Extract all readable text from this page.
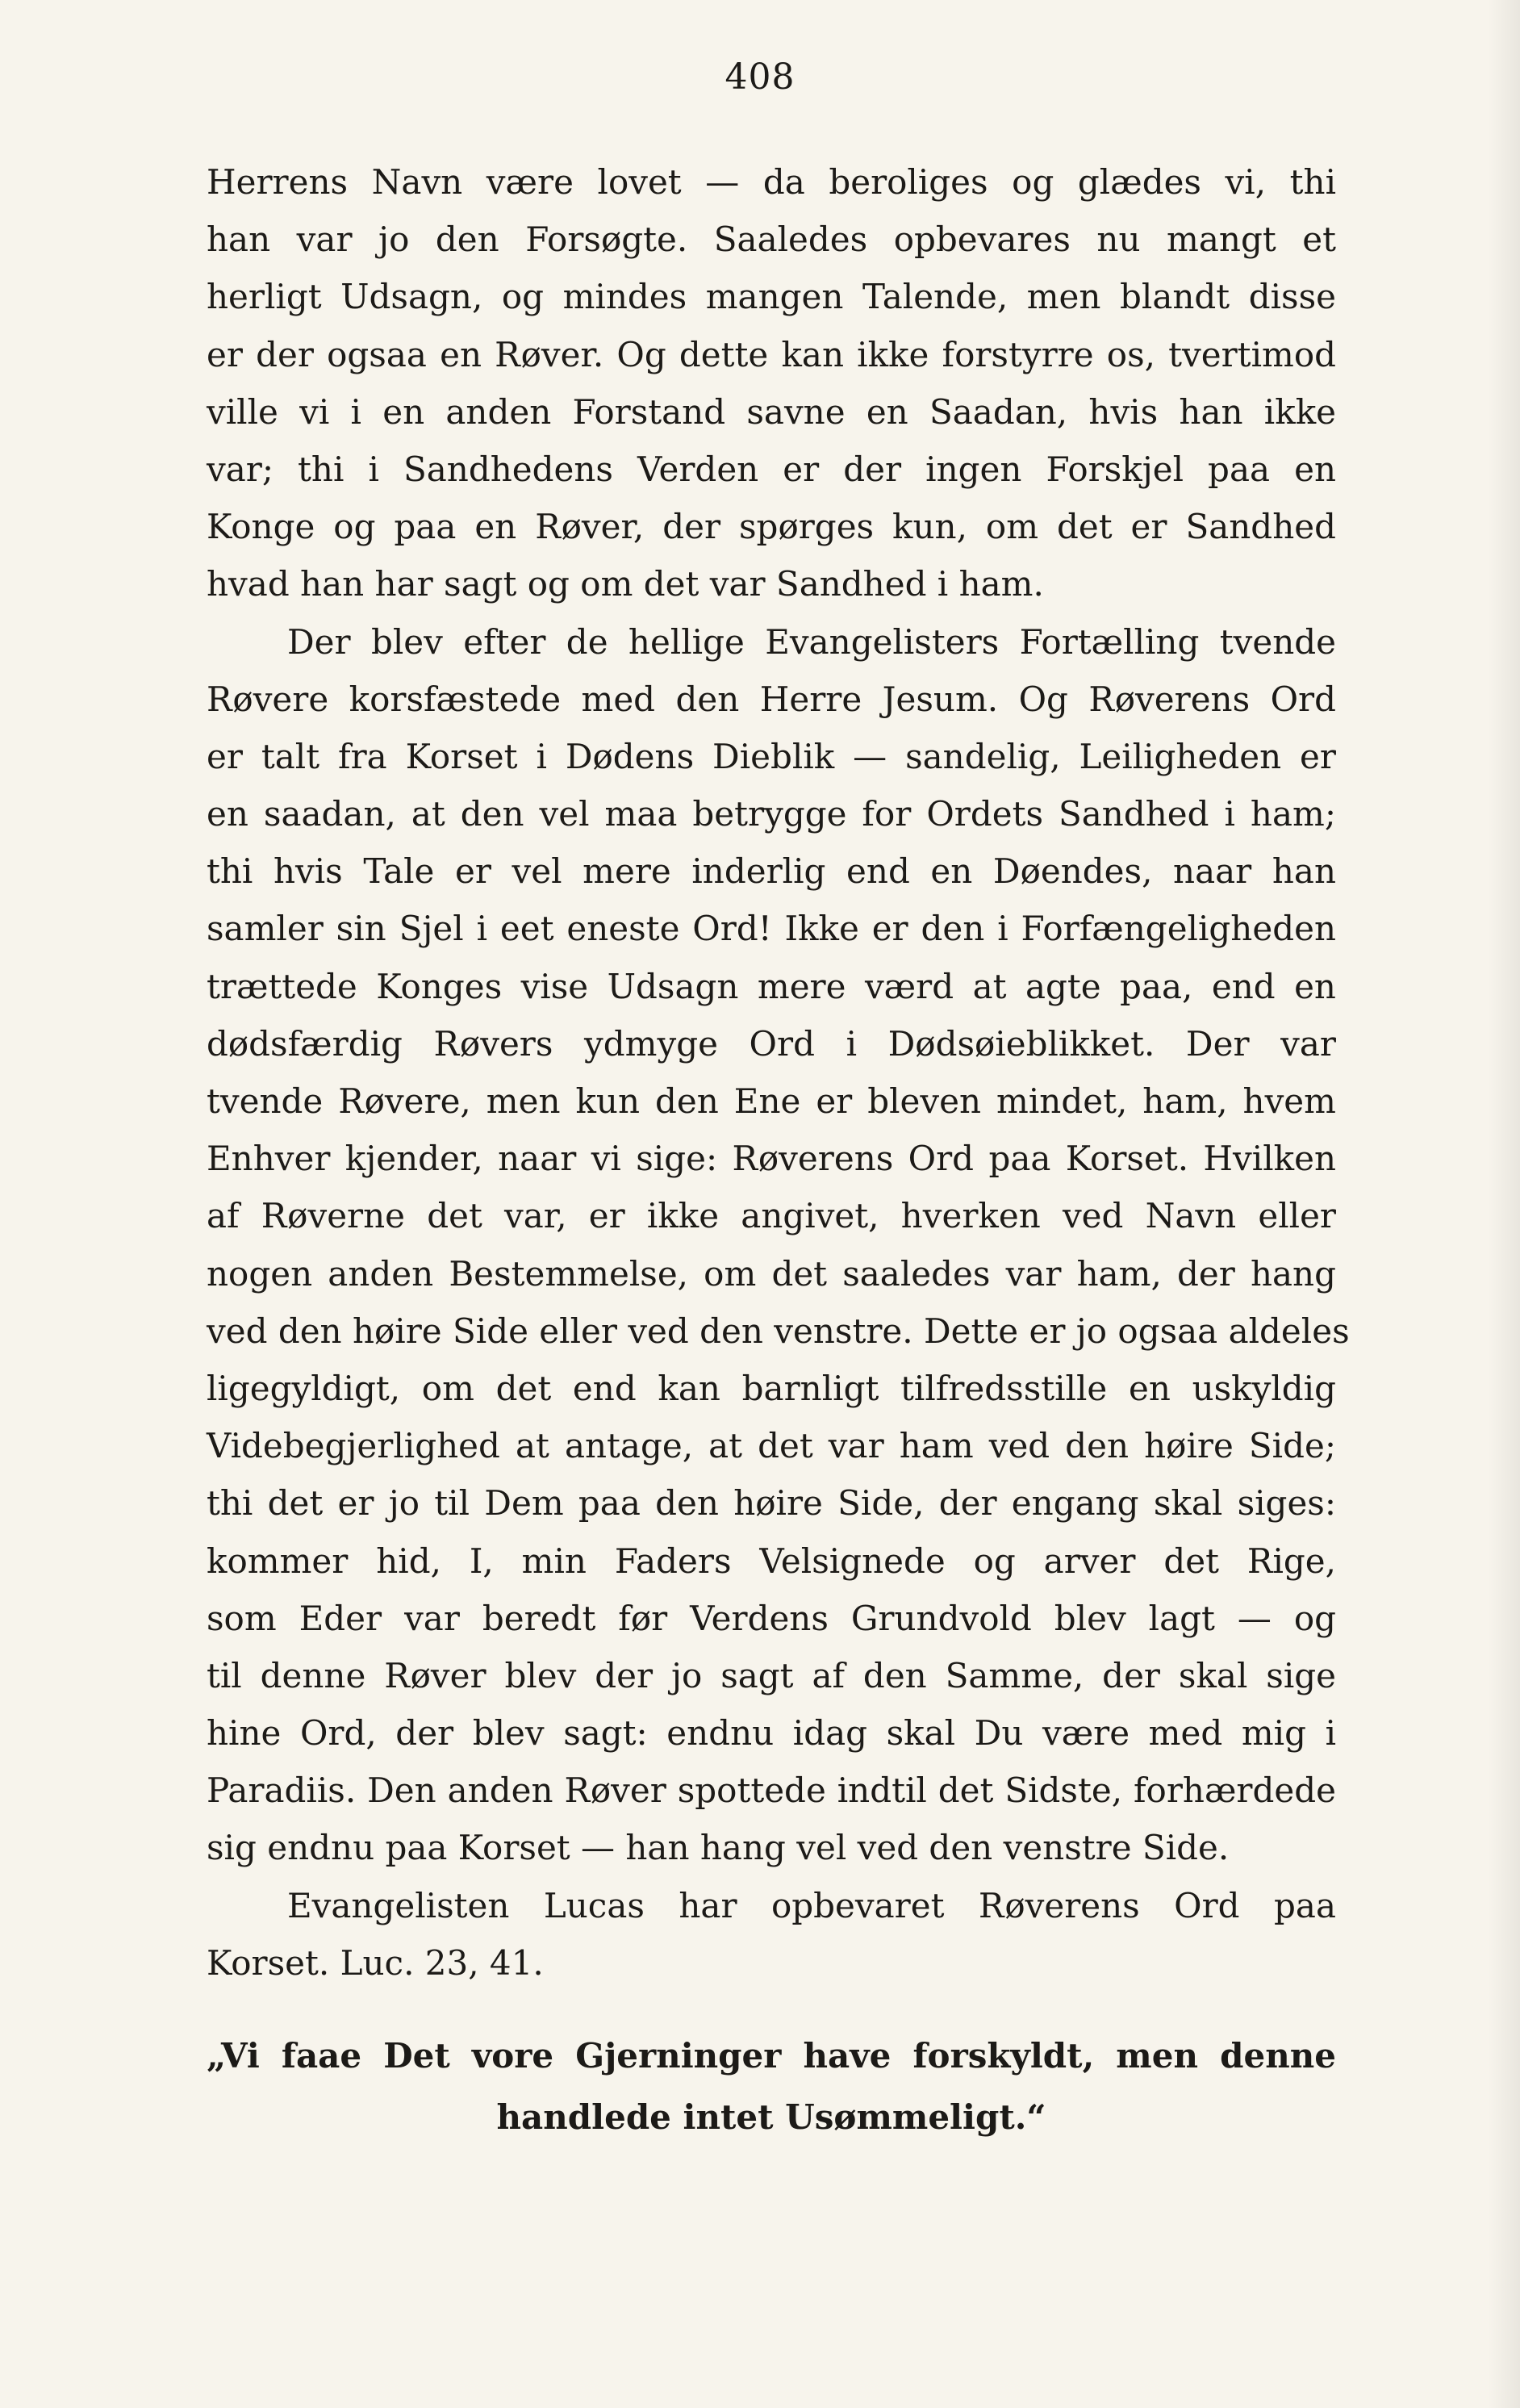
408
Herrens Navn være lovet — da beroliges og glædes vi, thi
han var jo den Forsøgte. Saaledes opbevares nu mangt et
herligt Udsagn, og mindes mangen Talende, men blandt disse
er der ogsaa en Røver. Og dette kan ikke forstyrre os, tvertimod
ville vi i en anden Forstand savne en Saadan, hvis han ikke
var; thi i Sandhedens Verden er der ingen Forskjel paa en
Konge og paa en Røver, der spørges kun, om det er Sandhed
hvad han har sagt og om det var Sandhed i ham.
Der blev efter de hellige Evangelisters Fortælling tvende
Røvere korsfæstede med den Herre Jesum. Og Røverens Ord
er talt fra Korset i Dødens Dieblik — sandelig, Leiligheden er
en saadan, at den vel maa betrygge for Ordets Sandhed i ham;
thi hvis Tale er vel mere inderlig end en Døendes, naar han
samler sin Sjel i eet eneste Ord! Ikke er den i Forfængeligheden
trættede Konges vise Udsagn mere værd at agte paa, end en
dødsfærdig Røvers ydmyge Ord i Dødsøieblikket. Der var
tvende Røvere, men kun den Ene er bleven mindet, ham, hvem
Enhver kjender, naar vi sige: Røverens Ord paa Korset. Hvilken
af Røverne det var, er ikke angivet, hverken ved Navn eller
nogen anden Bestemmelse, om det saaledes var ham, der hang
ved den høire Side eller ved den venstre. Dette er jo ogsaa aldeles
ligegyldigt, om det end kan barnligt tilfredsstille en uskyldig
Videbegjerlighed at antage, at det var ham ved den høire Side;
thi det er jo til Dem paa den høire Side, der engang skal siges:
kommer hid, I, min Faders Velsignede og arver det Rige,
som Eder var beredt før Verdens Grundvold blev lagt — og
til denne Røver blev der jo sagt af den Samme, der skal sige
hine Ord, der blev sagt: endnu idag skal Du være med mig i
Paradiis. Den anden Røver spottede indtil det Sidste, forhærdede
sig endnu paa Korset — han hang vel ved den venstre Side.
Evangelisten Lucas har opbevaret Røverens Ord paa
Korset. Luc. 23, 41.
„Vi faae Det vore Gjerninger have forskyldt, men denne
handlede intet Usømmeligt.“
